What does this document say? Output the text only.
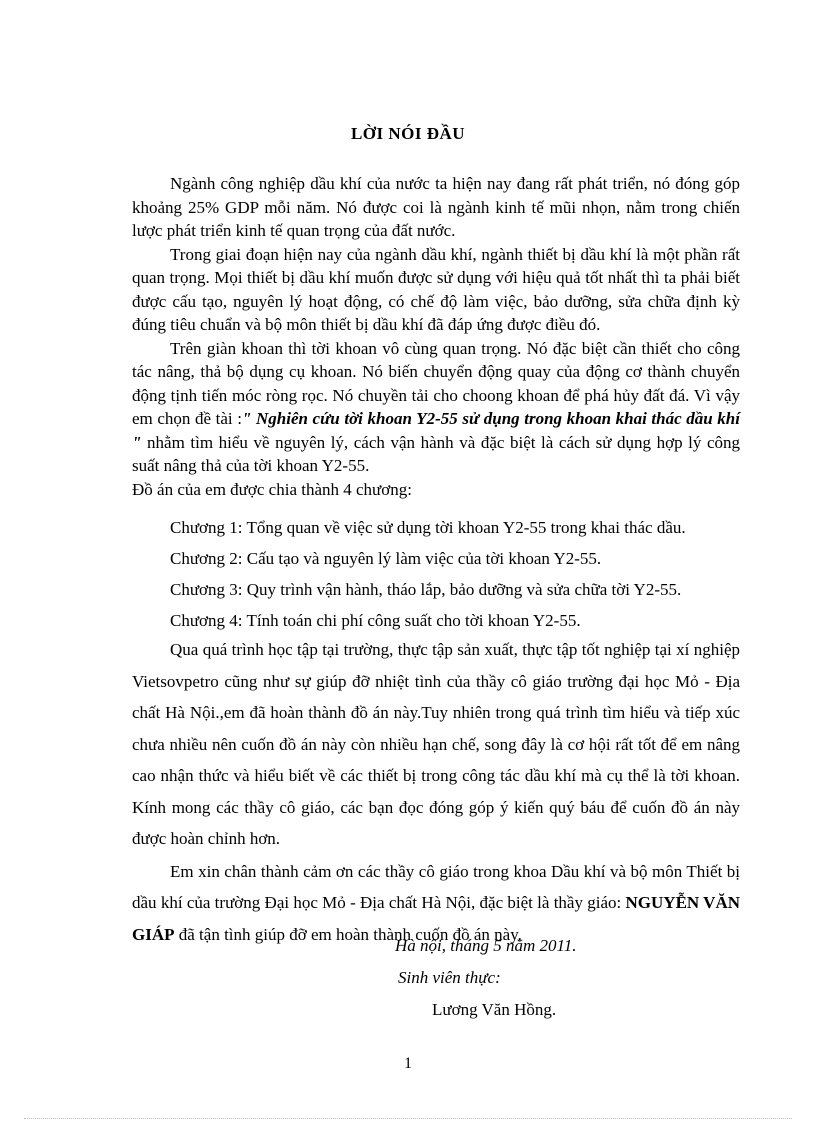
LỜI NÓI ĐẦU

Ngành công nghiệp dầu khí của nước ta hiện nay đang rất phát triển, nó đóng góp khoảng 25% GDP mỗi năm. Nó được coi là ngành kinh tế mũi nhọn, nằm trong chiến lược phát triển kinh tế quan trọng của đất nước.

Trong giai đoạn hiện nay của ngành dầu khí, ngành thiết bị dầu khí là một phần rất quan trọng. Mọi thiết bị dầu khí muốn được sử dụng với hiệu quả tốt nhất thì ta phải biết được cấu tạo, nguyên lý hoạt động, có chế độ làm việc, bảo dưỡng, sửa chữa định kỳ đúng tiêu chuẩn và bộ môn thiết bị dầu khí đã đáp ứng được điều đó.

Trên giàn khoan thì tời khoan vô cùng quan trọng. Nó đặc biệt cần thiết cho công tác nâng, thả bộ dụng cụ khoan. Nó biến chuyển động quay của động cơ thành chuyển động tịnh tiến móc ròng rọc. Nó chuyền tải cho choong khoan để phá hủy đất đá. Vì vậy em chọn đề tài :" Nghiên cứu tời khoan Y2-55 sử dụng trong khoan khai thác dầu khí " nhằm tìm hiểu về nguyên lý, cách vận hành và đặc biệt là cách sử dụng hợp lý công suất nâng thả của tời khoan Y2-55.

Đồ án của em được chia thành 4 chương:

Chương 1: Tổng quan về việc sử dụng tời khoan Y2-55 trong khai thác dầu.

Chương 2: Cấu tạo và nguyên lý làm việc của tời khoan Y2-55.

Chương 3: Quy trình vận hành, tháo lắp, bảo dưỡng và sửa chữa tời Y2-55.

Chương 4: Tính toán chi phí công suất cho tời khoan Y2-55.

Qua quá trình học tập tại trường, thực tập sản xuất, thực tập tốt nghiệp tại xí nghiệp Vietsovpetro cũng như sự giúp đỡ nhiệt tình của thầy cô giáo trường đại học Mỏ - Địa chất Hà Nội.,em đã hoàn thành đồ án này.Tuy nhiên trong quá trình tìm hiểu và tiếp xúc chưa nhiều nên cuốn đồ án này còn nhiều hạn chế, song đây là cơ hội rất tốt để em nâng cao nhận thức và hiểu biết về các thiết bị trong công tác dầu khí mà cụ thể là tời khoan. Kính mong các thầy cô giáo, các bạn đọc đóng góp ý kiến quý báu để cuốn đồ án này được hoàn chỉnh hơn.

Em xin chân thành cảm ơn các thầy cô giáo trong khoa Dầu khí và bộ môn Thiết bị dầu khí của trường Đại học Mỏ - Địa chất Hà Nội, đặc biệt là thầy giáo: NGUYỄN VĂN GIÁP đã tận tình giúp đỡ em hoàn thành cuốn đồ án này.

Hà nội, tháng 5 năm 2011.
Sinh viên thực:
Lương Văn Hồng.
1
